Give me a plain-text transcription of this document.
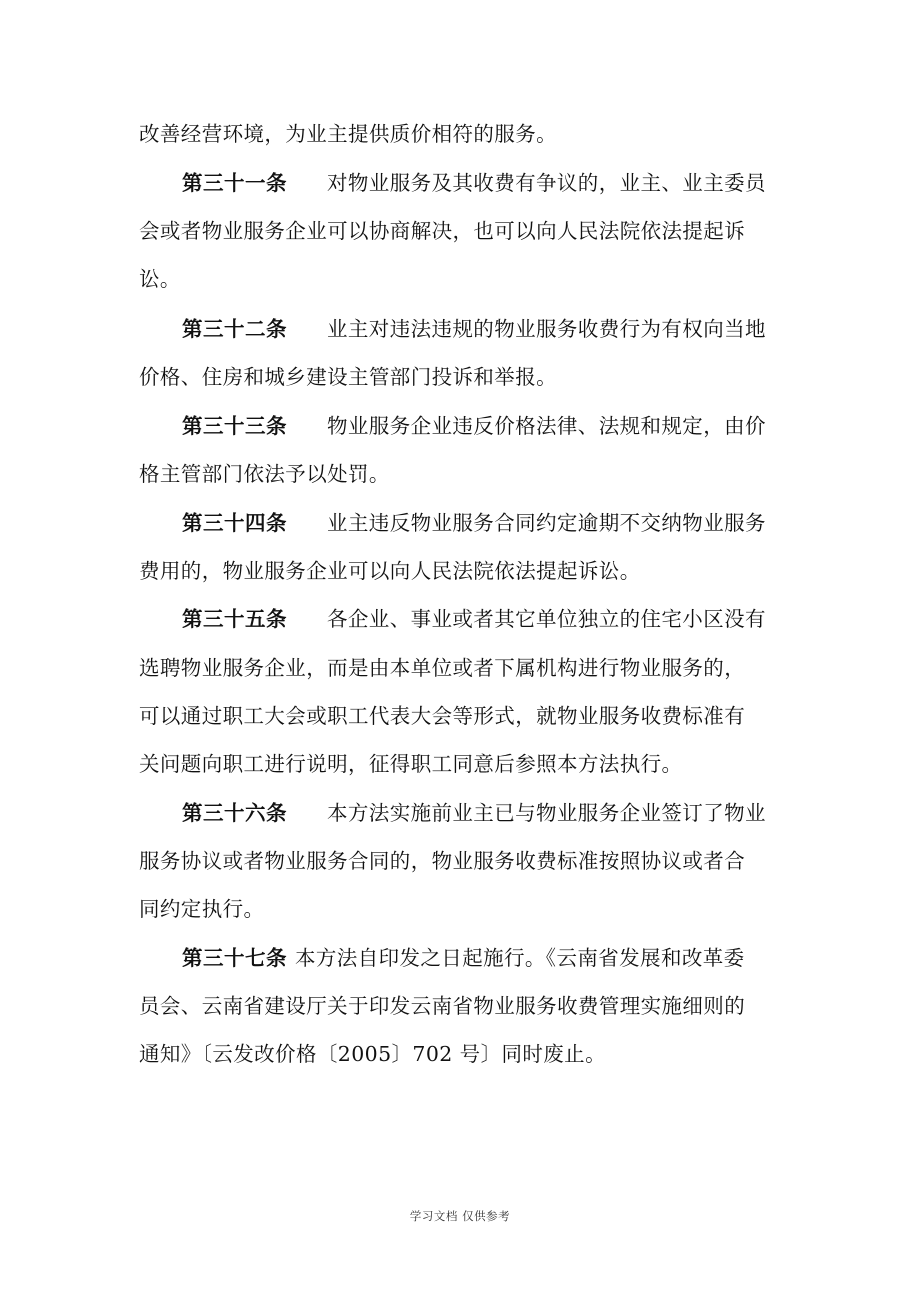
改善经营环境，为业主提供质价相符的服务。
第三十一条 对物业服务及其收费有争议的，业主、业主委员
会或者物业服务企业可以协商解决，也可以向人民法院依法提起诉
讼。
第三十二条 业主对违法违规的物业服务收费行为有权向当地
价格、住房和城乡建设主管部门投诉和举报。
第三十三条 物业服务企业违反价格法律、法规和规定，由价
格主管部门依法予以处罚。
第三十四条 业主违反物业服务合同约定逾期不交纳物业服务
费用的，物业服务企业可以向人民法院依法提起诉讼。
第三十五条 各企业、事业或者其它单位独立的住宅小区没有
选聘物业服务企业，而是由本单位或者下属机构进行物业服务的，
可以通过职工大会或职工代表大会等形式，就物业服务收费标准有
关问题向职工进行说明，征得职工同意后参照本方法执行。
第三十六条 本方法实施前业主已与物业服务企业签订了物业
服务协议或者物业服务合同的，物业服务收费标准按照协议或者合
同约定执行。
第三十七条 本方法自印发之日起施行。《云南省发展和改革委
员会、云南省建设厅关于印发云南省物业服务收费管理实施细则的
通知》〔云发改价格〔2005〕702 号〕同时废止。
学习文档 仅供参考
